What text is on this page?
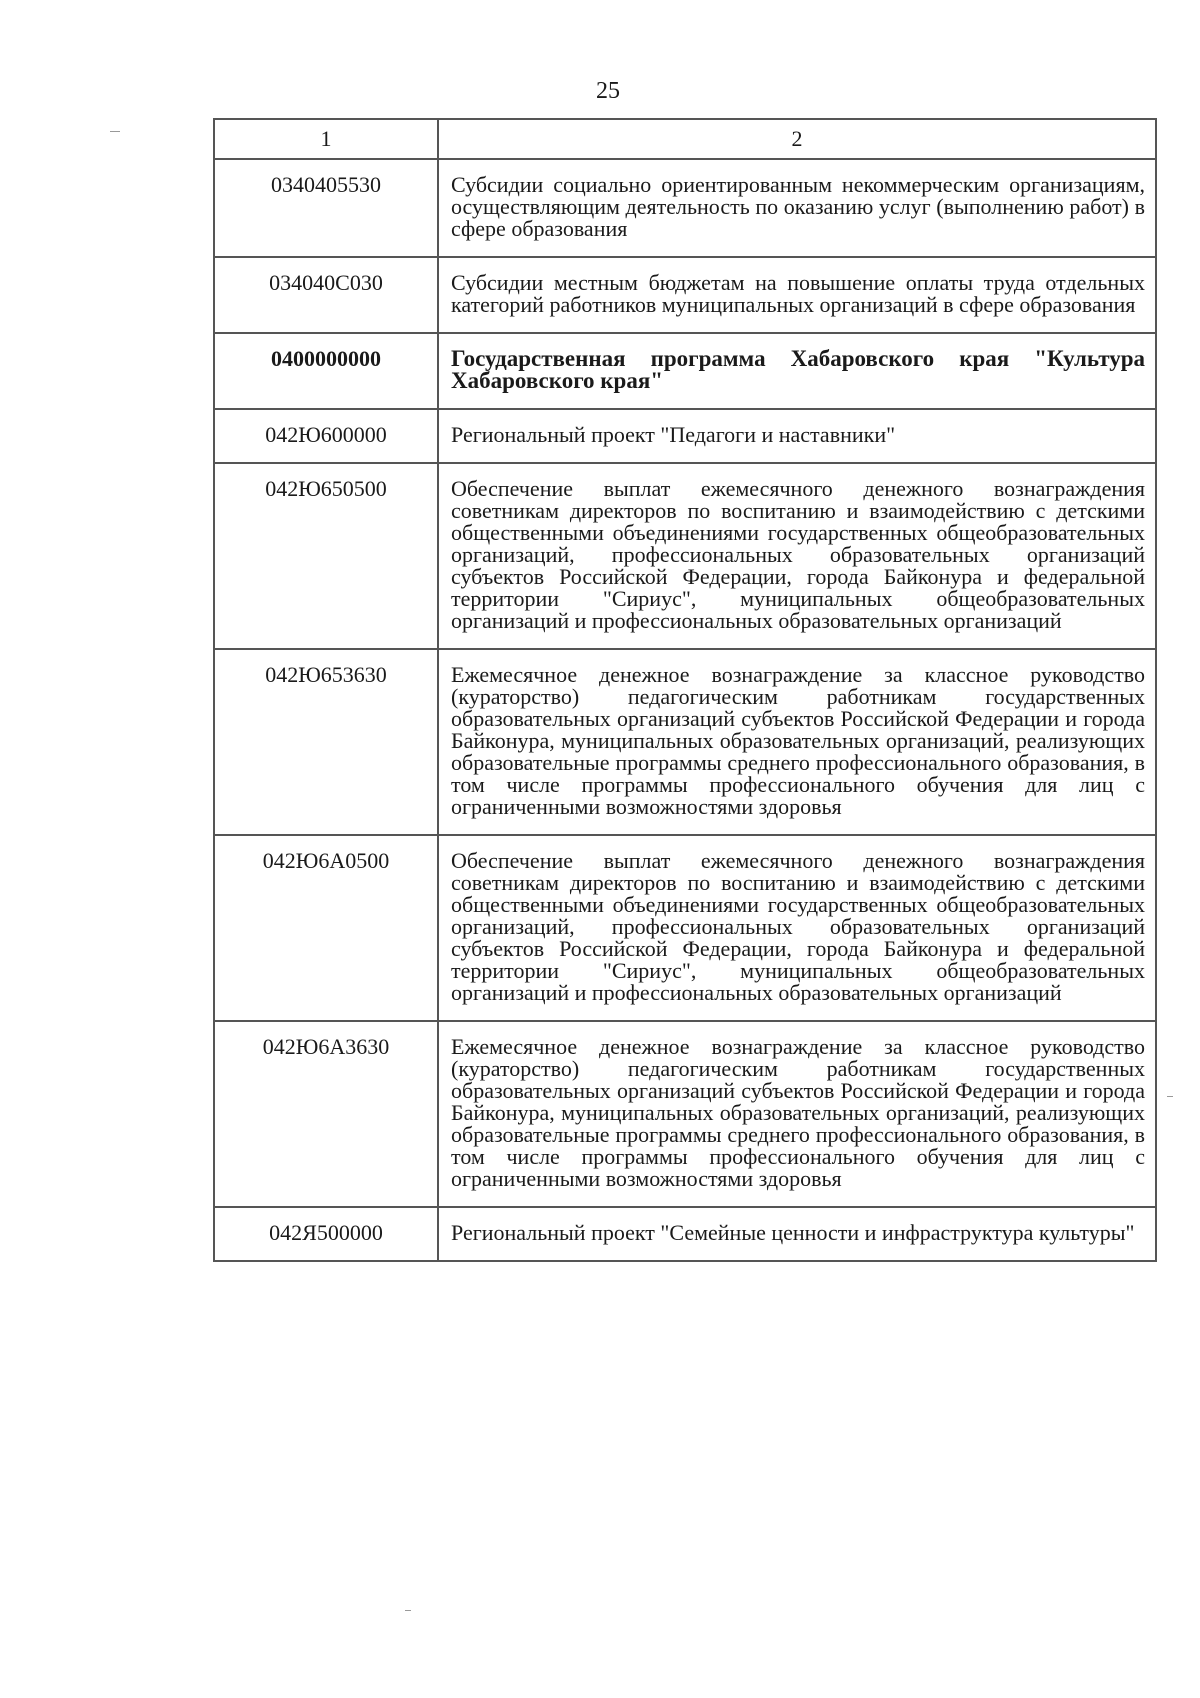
25
1	2
0340405530	Субсидии социально ориентированным некоммерческим организациям, осуществляющим деятельность по оказанию услуг (выполнению работ) в сфере образования
034040С030	Субсидии местным бюджетам на повышение оплаты труда отдельных категорий работников муниципальных организаций в сфере образования
0400000000	Государственная программа Хабаровского края "Культура Хабаровского края"
042Ю600000	Региональный проект "Педагоги и наставники"
042Ю650500	Обеспечение выплат ежемесячного денежного вознаграждения советникам директоров по воспитанию и взаимодействию с детскими общественными объединениями государственных общеобразовательных организаций, профессиональных образовательных организаций субъектов Российской Федерации, города Байконура и федеральной территории "Сириус", муниципальных общеобразовательных организаций и профессиональных образовательных организаций
042Ю653630	Ежемесячное денежное вознаграждение за классное руководство (кураторство) педагогическим работникам государственных образовательных организаций субъектов Российской Федерации и города Байконура, муниципальных образовательных организаций, реализующих образовательные программы среднего профессионального образования, в том числе программы профессионального обучения для лиц с ограниченными возможностями здоровья
042Ю6А0500	Обеспечение выплат ежемесячного денежного вознаграждения советникам директоров по воспитанию и взаимодействию с детскими общественными объединениями государственных общеобразовательных организаций, профессиональных образовательных организаций субъектов Российской Федерации, города Байконура и федеральной территории "Сириус", муниципальных общеобразовательных организаций и профессиональных образовательных организаций
042Ю6А3630	Ежемесячное денежное вознаграждение за классное руководство (кураторство) педагогическим работникам государственных образовательных организаций субъектов Российской Федерации и города Байконура, муниципальных образовательных организаций, реализующих образовательные программы среднего профессионального образования, в том числе программы профессионального обучения для лиц с ограниченными возможностями здоровья
042Я500000	Региональный проект "Семейные ценности и инфраструктура культуры"
